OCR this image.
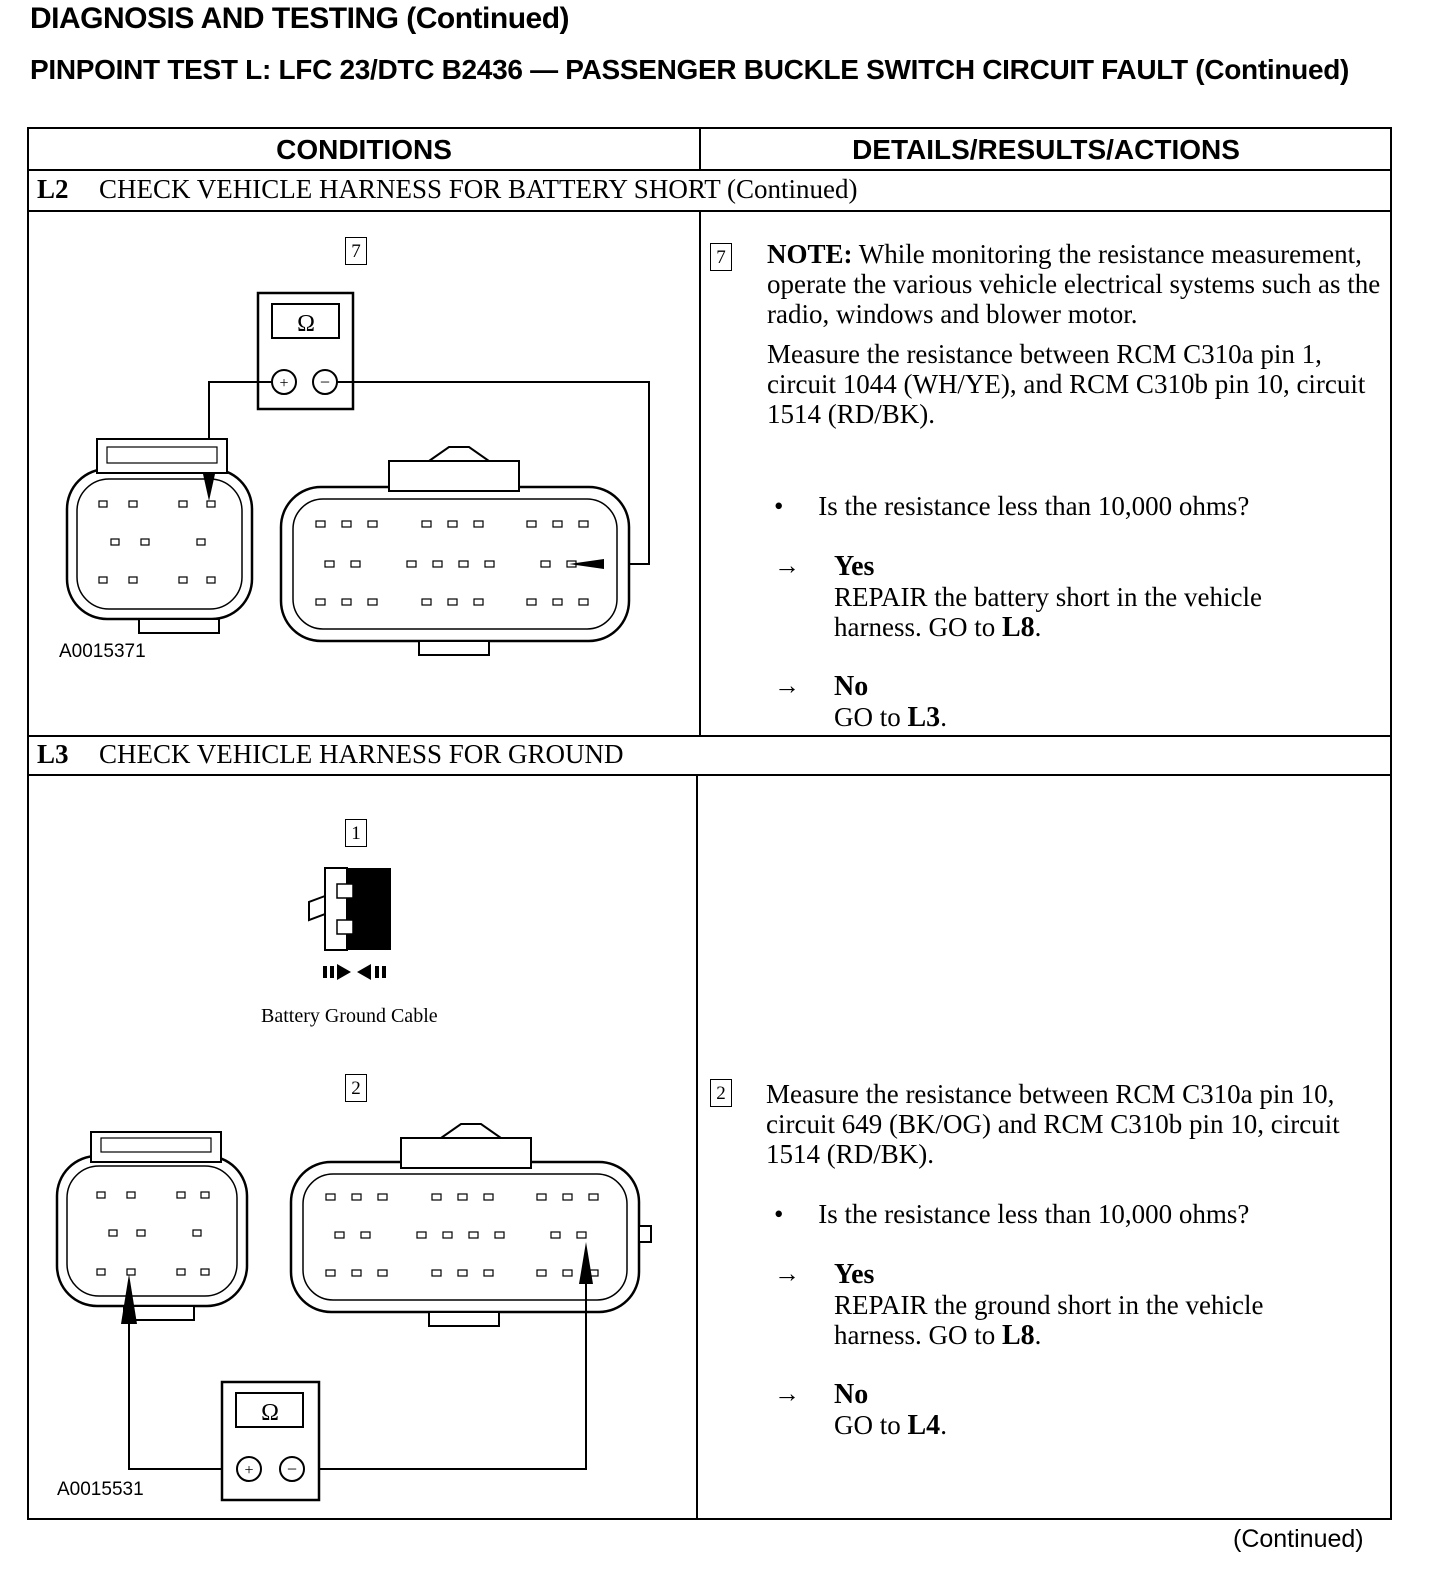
DIAGNOSIS AND TESTING (Continued)
PINPOINT TEST L: LFC 23/DTC B2436 — PASSENGER BUCKLE SWITCH CIRCUIT FAULT (Continued)
CONDITIONS	DETAILS/RESULTS/ACTIONS
L2 CHECK VEHICLE HARNESS FOR BATTERY SHORT (Continued)
7
Ω
+ −
A0015371
7 NOTE: While monitoring the resistance measurement, operate the various vehicle electrical systems such as the radio, windows and blower motor.

Measure the resistance between RCM C310a pin 1, circuit 1044 (WH/YE), and RCM C310b pin 10, circuit 1514 (RD/BK).

• Is the resistance less than 10,000 ohms?
→ Yes
REPAIR the battery short in the vehicle harness. GO to L8.
→ No
GO to L3.
L3 CHECK VEHICLE HARNESS FOR GROUND
1
Battery Ground Cable
2
Ω
+ −
A0015531
2 Measure the resistance between RCM C310a pin 10, circuit 649 (BK/OG) and RCM C310b pin 10, circuit 1514 (RD/BK).

• Is the resistance less than 10,000 ohms?
→ Yes
REPAIR the ground short in the vehicle harness. GO to L8.
→ No
GO to L4.
(Continued)
